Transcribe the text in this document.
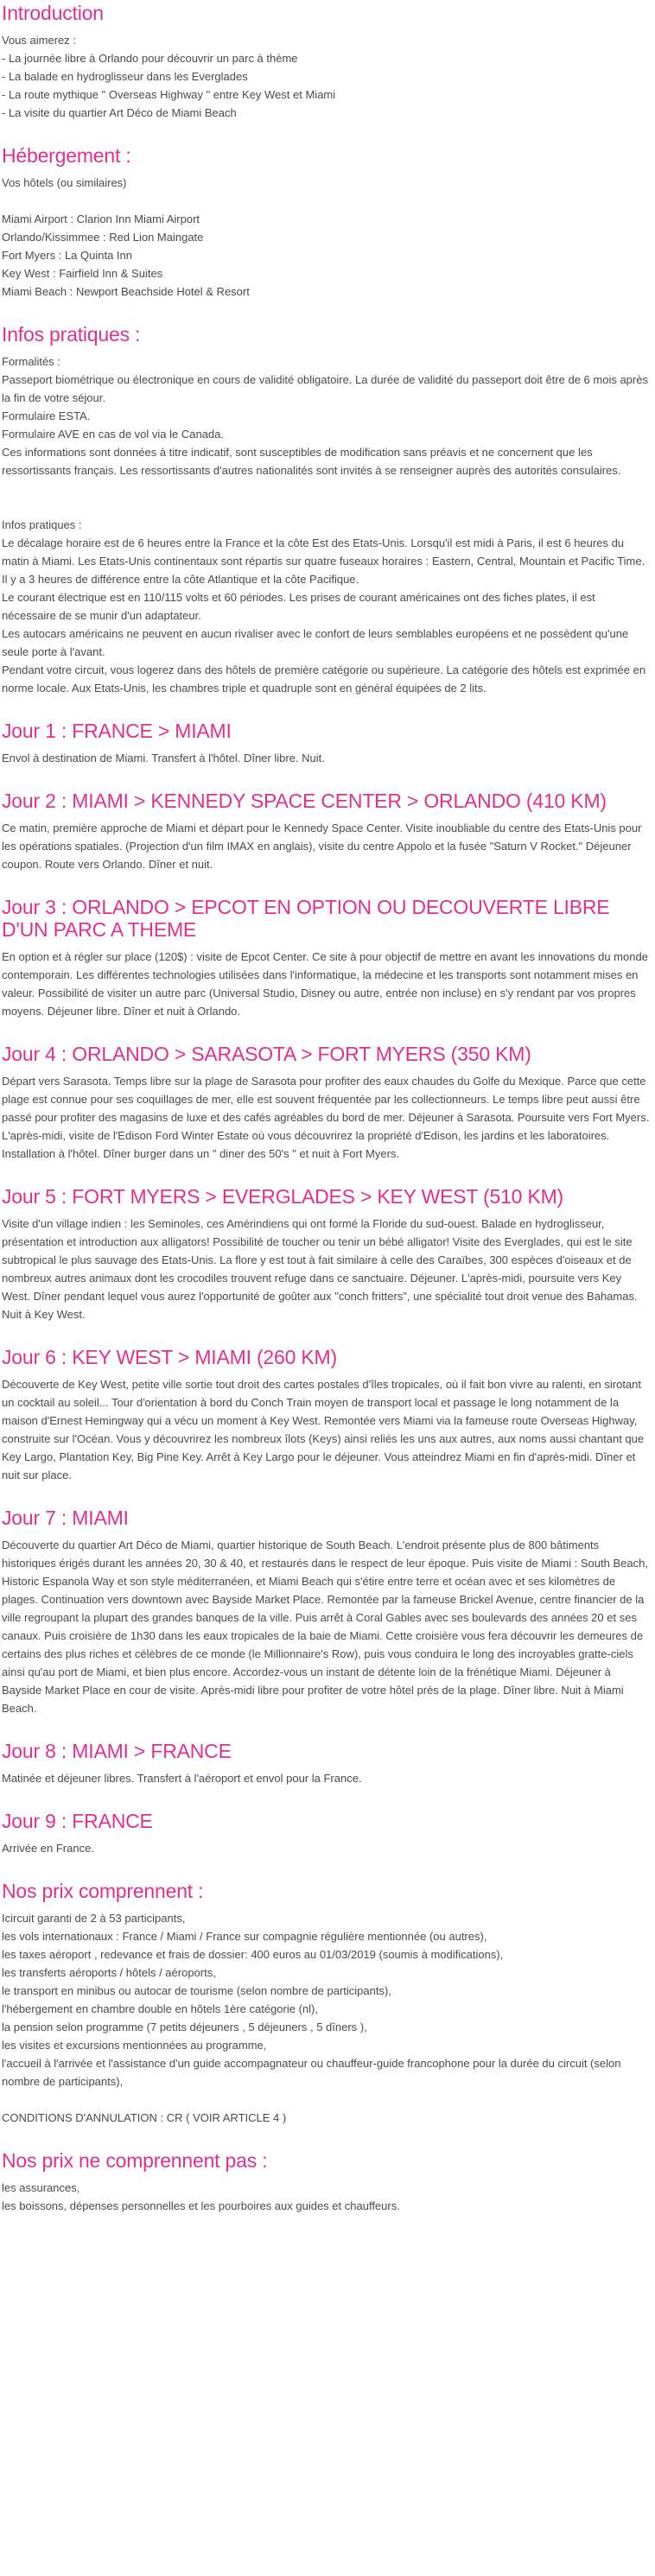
Introduction
Vous aimerez :
- La journée libre à Orlando pour découvrir un parc à thème
- La balade en hydroglisseur dans les Everglades
- La route mythique " Overseas Highway " entre Key West et Miami
- La visite du quartier Art Déco de Miami Beach
Hébergement :
Vos hôtels (ou similaires)
Miami Airport : Clarion Inn Miami Airport
Orlando/Kissimmee : Red Lion Maingate
Fort Myers : La Quinta Inn
Key West : Fairfield Inn & Suites
Miami Beach : Newport Beachside Hotel & Resort
Infos pratiques :
Formalités :
Passeport biométrique ou électronique en cours de validité obligatoire. La durée de validité du passeport doit être de 6 mois après la fin de votre séjour.
Formulaire ESTA.
Formulaire AVE en cas de vol via le Canada.
Ces informations sont données à titre indicatif, sont susceptibles de modification sans préavis et ne concernent que les ressortissants français. Les ressortissants d'autres nationalités sont invités à se renseigner auprès des autorités consulaires.
Infos pratiques :
Le décalage horaire est de 6 heures entre la France et la côte Est des Etats-Unis. Lorsqu'il est midi à Paris, il est 6 heures du matin à Miami. Les Etats-Unis continentaux sont répartis sur quatre fuseaux horaires : Eastern, Central, Mountain et Pacific Time. Il y a 3 heures de différence entre la côte Atlantique et la côte Pacifique.
Le courant électrique est en 110/115 volts et 60 périodes. Les prises de courant américaines ont des fiches plates, il est nécessaire de se munir d'un adaptateur.
Les autocars américains ne peuvent en aucun rivaliser avec le confort de leurs semblables européens et ne possèdent qu'une seule porte à l'avant.
Pendant votre circuit, vous logerez dans des hôtels de première catégorie ou supérieure. La catégorie des hôtels est exprimée en norme locale. Aux Etats-Unis, les chambres triple et quadruple sont en général équipées de 2 lits.
Jour 1 : FRANCE > MIAMI

Envol à destination de Miami. Transfert à l'hôtel. Dîner libre. Nuit.

Jour 2 : MIAMI > KENNEDY SPACE CENTER > ORLANDO (410 KM)

Ce matin, première approche de Miami et départ pour le Kennedy Space Center. Visite inoubliable du centre des Etats-Unis pour les opérations spatiales. (Projection d'un film IMAX en anglais), visite du centre Appolo et la fusée "Saturn V Rocket." Déjeuner coupon. Route vers Orlando. Dîner et nuit.

Jour 3 : ORLANDO > EPCOT EN OPTION OU DECOUVERTE LIBRE D'UN PARC A THEME

En option et à régler sur place (120$) : visite de Epcot Center. Ce site à pour objectif de mettre en avant les innovations du monde contemporain. Les différentes technologies utilisées dans l'informatique, la médecine et les transports sont notamment mises en valeur. Possibilité de visiter un autre parc (Universal Studio, Disney ou autre, entrée non incluse) en s'y rendant par vos propres moyens. Déjeuner libre. Dîner et nuit à Orlando.

Jour 4 : ORLANDO > SARASOTA > FORT MYERS (350 KM)

Départ vers Sarasota. Temps libre sur la plage de Sarasota pour profiter des eaux chaudes du Golfe du Mexique. Parce que cette plage est connue pour ses coquillages de mer, elle est souvent fréquentée par les collectionneurs. Le temps libre peut aussi être passé pour profiter des magasins de luxe et des cafés agréables du bord de mer. Déjeuner à Sarasota. Poursuite vers Fort Myers. L'après-midi, visite de l'Edison Ford Winter Estate où vous découvrirez la propriété d'Edison, les jardins et les laboratoires. Installation à l'hôtel. Dîner burger dans un " diner des 50's " et nuit à Fort Myers.

Jour 5 : FORT MYERS > EVERGLADES > KEY WEST (510 KM)

Visite d'un village indien : les Seminoles, ces Amérindiens qui ont formé la Floride du sud-ouest. Balade en hydroglisseur, présentation et introduction aux alligators! Possibilité de toucher ou tenir un bébé alligator! Visite des Everglades, qui est le site subtropical le plus sauvage des Etats-Unis. La flore y est tout à fait similaire à celle des Caraïbes, 300 espèces d'oiseaux et de nombreux autres animaux dont les crocodiles trouvent refuge dans ce sanctuaire. Déjeuner. L'après-midi, poursuite vers Key West. Dîner pendant lequel vous aurez l'opportunité de goûter aux "conch fritters", une spécialité tout droit venue des Bahamas. Nuit à Key West.

Jour 6 : KEY WEST > MIAMI (260 KM)

Découverte de Key West, petite ville sortie tout droit des cartes postales d'îles tropicales, où il fait bon vivre au ralenti, en sirotant un cocktail au soleil... Tour d'orientation à bord du Conch Train moyen de transport local et passage le long notamment de la maison d'Ernest Hemingway qui a vécu un moment à Key West. Remontée vers Miami via la fameuse route Overseas Highway, construite sur l'Océan. Vous y découvrirez les nombreux îlots (Keys) ainsi reliés les uns aux autres, aux noms aussi chantant que Key Largo, Plantation Key, Big Pine Key. Arrêt à Key Largo pour le déjeuner. Vous atteindrez Miami en fin d'après-midi. Dîner et nuit sur place.

Jour 7 : MIAMI

Découverte du quartier Art Déco de Miami, quartier historique de South Beach. L'endroit présente plus de 800 bâtiments historiques érigés durant les années 20, 30 & 40, et restaurés dans le respect de leur époque. Puis visite de Miami : South Beach, Historic Espanola Way et son style méditerranéen, et Miami Beach qui s'étire entre terre et océan avec et ses kilomètres de plages. Continuation vers downtown avec Bayside Market Place. Remontée par la fameuse Brickel Avenue, centre financier de la ville regroupant la plupart des grandes banques de la ville. Puis arrêt à Coral Gables avec ses boulevards des années 20 et ses canaux. Puis croisière de 1h30 dans les eaux tropicales de la baie de Miami. Cette croisière vous fera découvrir les demeures de certains des plus riches et célèbres de ce monde (le Millionnaire's Row), puis vous conduira le long des incroyables gratte-ciels ainsi qu'au port de Miami, et bien plus encore. Accordez-vous un instant de détente loin de la frénétique Miami. Déjeuner à Bayside Market Place en cour de visite. Après-midi libre pour profiter de votre hôtel près de la plage. Dîner libre. Nuit à Miami Beach.

Jour 8 : MIAMI > FRANCE

Matinée et déjeuner libres. Transfert à l'aéroport et envol pour la France.

Jour 9 : FRANCE

Arrivée en France.

Nos prix comprennent :
Icircuit garanti de 2 à 53 participants,
les vols internationaux : France / Miami / France sur compagnie régulière mentionnée (ou autres),
les taxes aéroport , redevance et frais de dossier: 400 euros au 01/03/2019 (soumis à modifications),
les transferts aéroports / hôtels / aéroports,
le transport en minibus ou autocar de tourisme (selon nombre de participants),
l'hébergement en chambre double en hôtels 1ère catégorie (nl),
la pension selon programme (7 petits déjeuners , 5 déjeuners , 5 dîners ),
les visites et excursions mentionnées au programme,
l'accueil à l'arrivée et l'assistance d'un guide accompagnateur ou chauffeur-guide francophone pour la durée du circuit (selon nombre de participants),
CONDITIONS D'ANNULATION : CR ( VOIR ARTICLE 4 )
Nos prix ne comprennent pas :
les assurances,
les boissons, dépenses personnelles et les pourboires aux guides et chauffeurs.
